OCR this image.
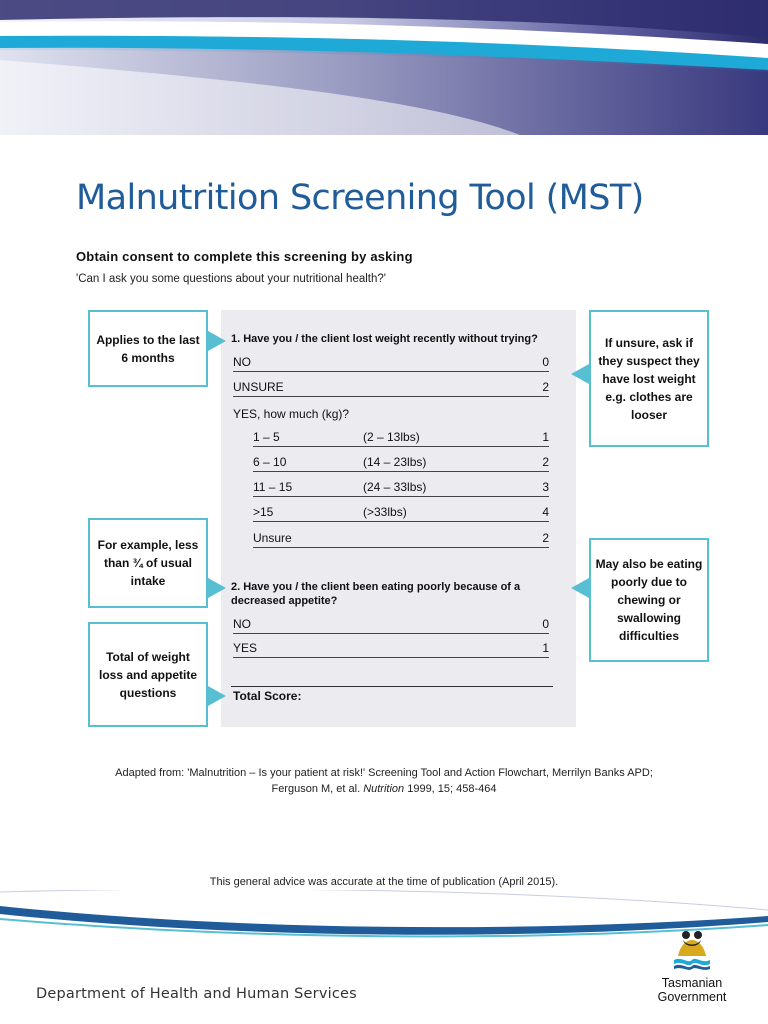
Malnutrition Screening Tool (MST)

Obtain consent to complete this screening by asking

'Can I ask you some questions about your nutritional health?'

1. Have you / the client lost weight recently without trying?
NO	0
UNSURE	2
YES, how much (kg)?
1 – 5	(2 – 13lbs)	1
6 – 10	(14 – 23lbs)	2
11 – 15	(24 – 33lbs)	3
>15	(>33lbs)	4
Unsure	2
2. Have you / the client been eating poorly because of a decreased appetite?
NO	0
YES	1
Total Score:
Applies to the last 6 months
For example, less than ¾ of usual intake
Total of weight loss and appetite questions
If unsure, ask if they suspect they have lost weight e.g. clothes are looser
May also be eating poorly due to chewing or swallowing difficulties
Adapted from: 'Malnutrition – Is your patient at risk!' Screening Tool and Action Flowchart, Merrilyn Banks APD;
Ferguson M, et al. Nutrition 1999, 15; 458-464

This general advice was accurate at the time of publication (April 2015).

Department of Health and Human Services

Tasmanian
Government
